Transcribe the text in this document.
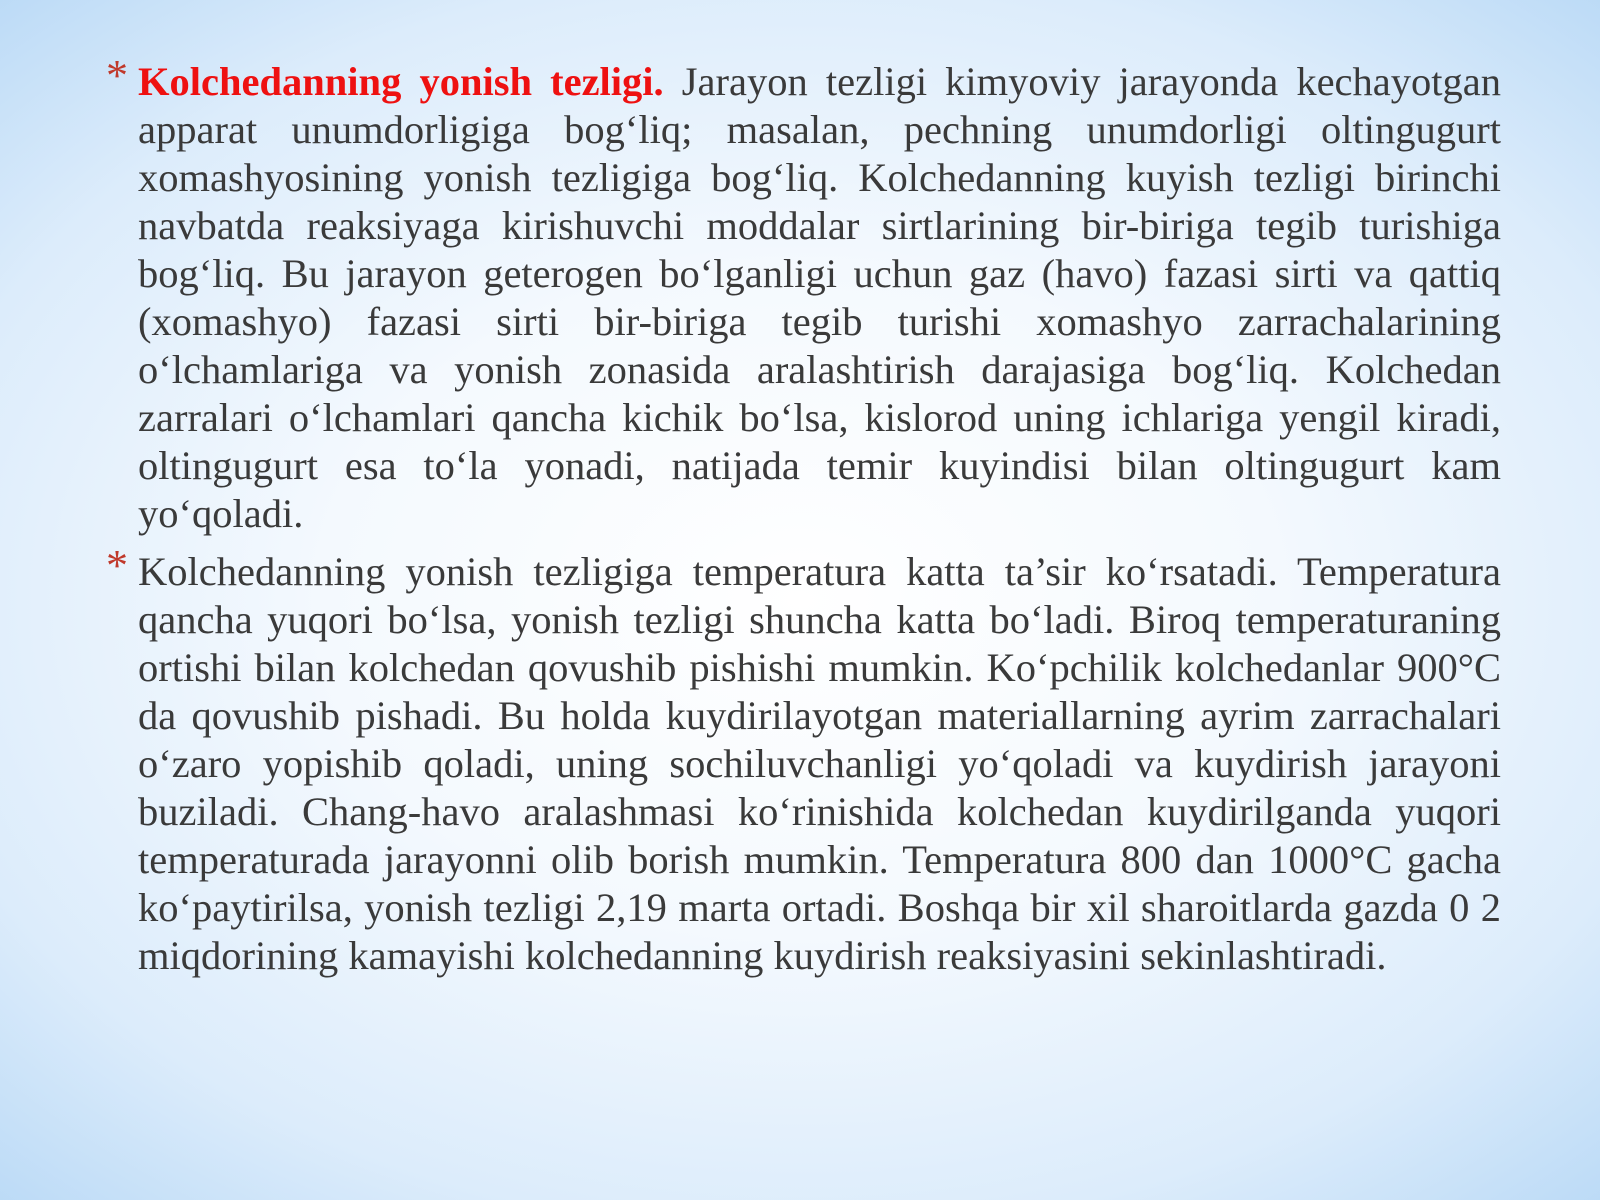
* Kolchedanning yonish tezligi. Jarayon tezligi kimyoviy jarayonda kechayotgan apparat unumdorligiga bog‘liq; masalan, pechning unumdorligi oltingugurt xomashyosining yonish tezligiga bog‘liq. Kolchedanning kuyish tezligi birinchi navbatda reaksiyaga kirishuvchi moddalar sirtlarining bir-biriga tegib turishiga bog‘liq. Bu jarayon geterogen bo‘lganligi uchun gaz (havo) fazasi sirti va qattiq (xomashyo) fazasi sirti bir-biriga tegib turishi xomashyo zarrachalarining o‘lchamlariga va yonish zonasida aralashtirish darajasiga bog‘liq. Kolchedan zarralari o‘lchamlari qancha kichik bo‘lsa, kislorod uning ichlariga yengil kiradi, oltingugurt esa to‘la yonadi, natijada temir kuyindisi bilan oltingugurt kam yo‘qoladi.

* Kolchedanning yonish tezligiga temperatura katta ta’sir ko‘rsatadi. Temperatura qancha yuqori bo‘lsa, yonish tezligi shuncha katta bo‘ladi. Biroq temperaturaning ortishi bilan kolchedan qovushib pishishi mumkin. Ko‘pchilik kolchedanlar 900°C da qovushib pishadi. Bu holda kuydirilayotgan materiallarning ayrim zarrachalari o‘zaro yopishib qoladi, uning sochiluvchanligi yo‘qoladi va kuydirish jarayoni buziladi. Chang-havo aralashmasi ko‘rinishida kolchedan kuydirilganda yuqori temperaturada jarayonni olib borish mumkin. Temperatura 800 dan 1000°C gacha ko‘paytirilsa, yonish tezligi 2,19 marta ortadi. Boshqa bir xil sharoitlarda gazda 0 2 miqdorining kamayishi kolchedanning kuydirish reaksiyasini sekinlashtiradi.
